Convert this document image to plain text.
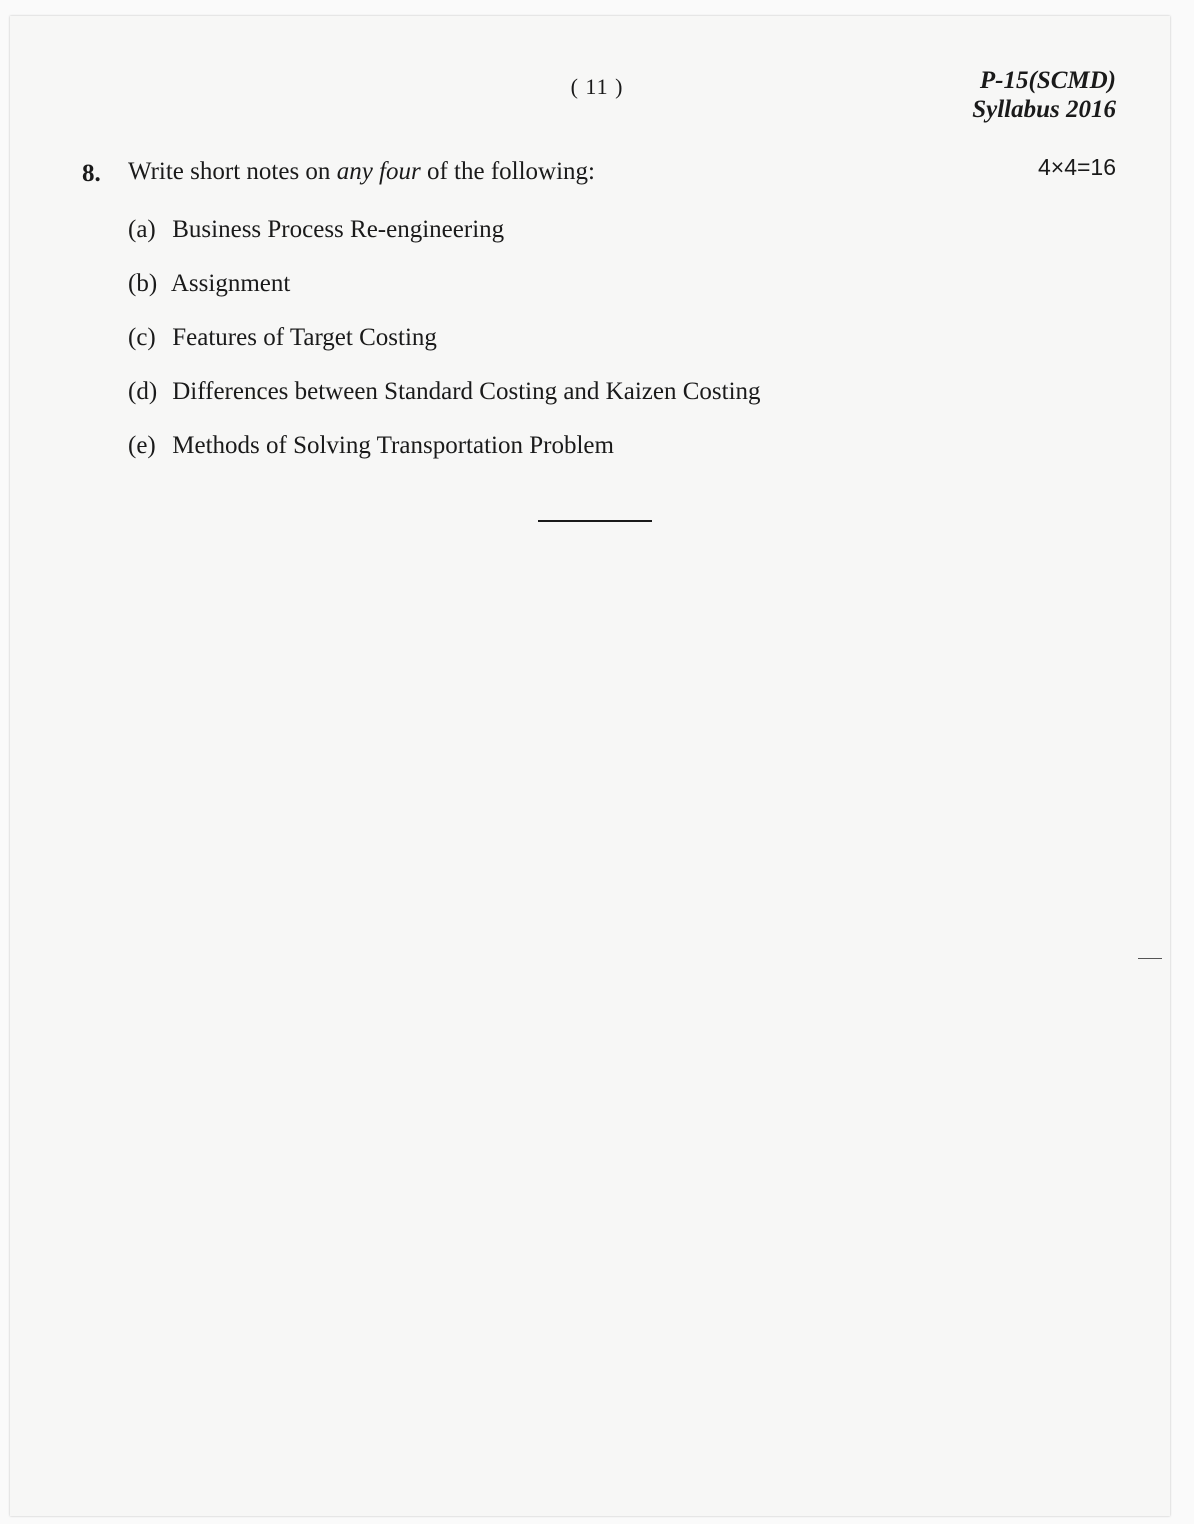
( 11 )	P-15(SCMD)
Syllabus 2016
4×4=16
8. Write short notes on any four of the following:
(a) Business Process Re-engineering
(b) Assignment
(c) Features of Target Costing
(d) Differences between Standard Costing and Kaizen Costing
(e) Methods of Solving Transportation Problem
